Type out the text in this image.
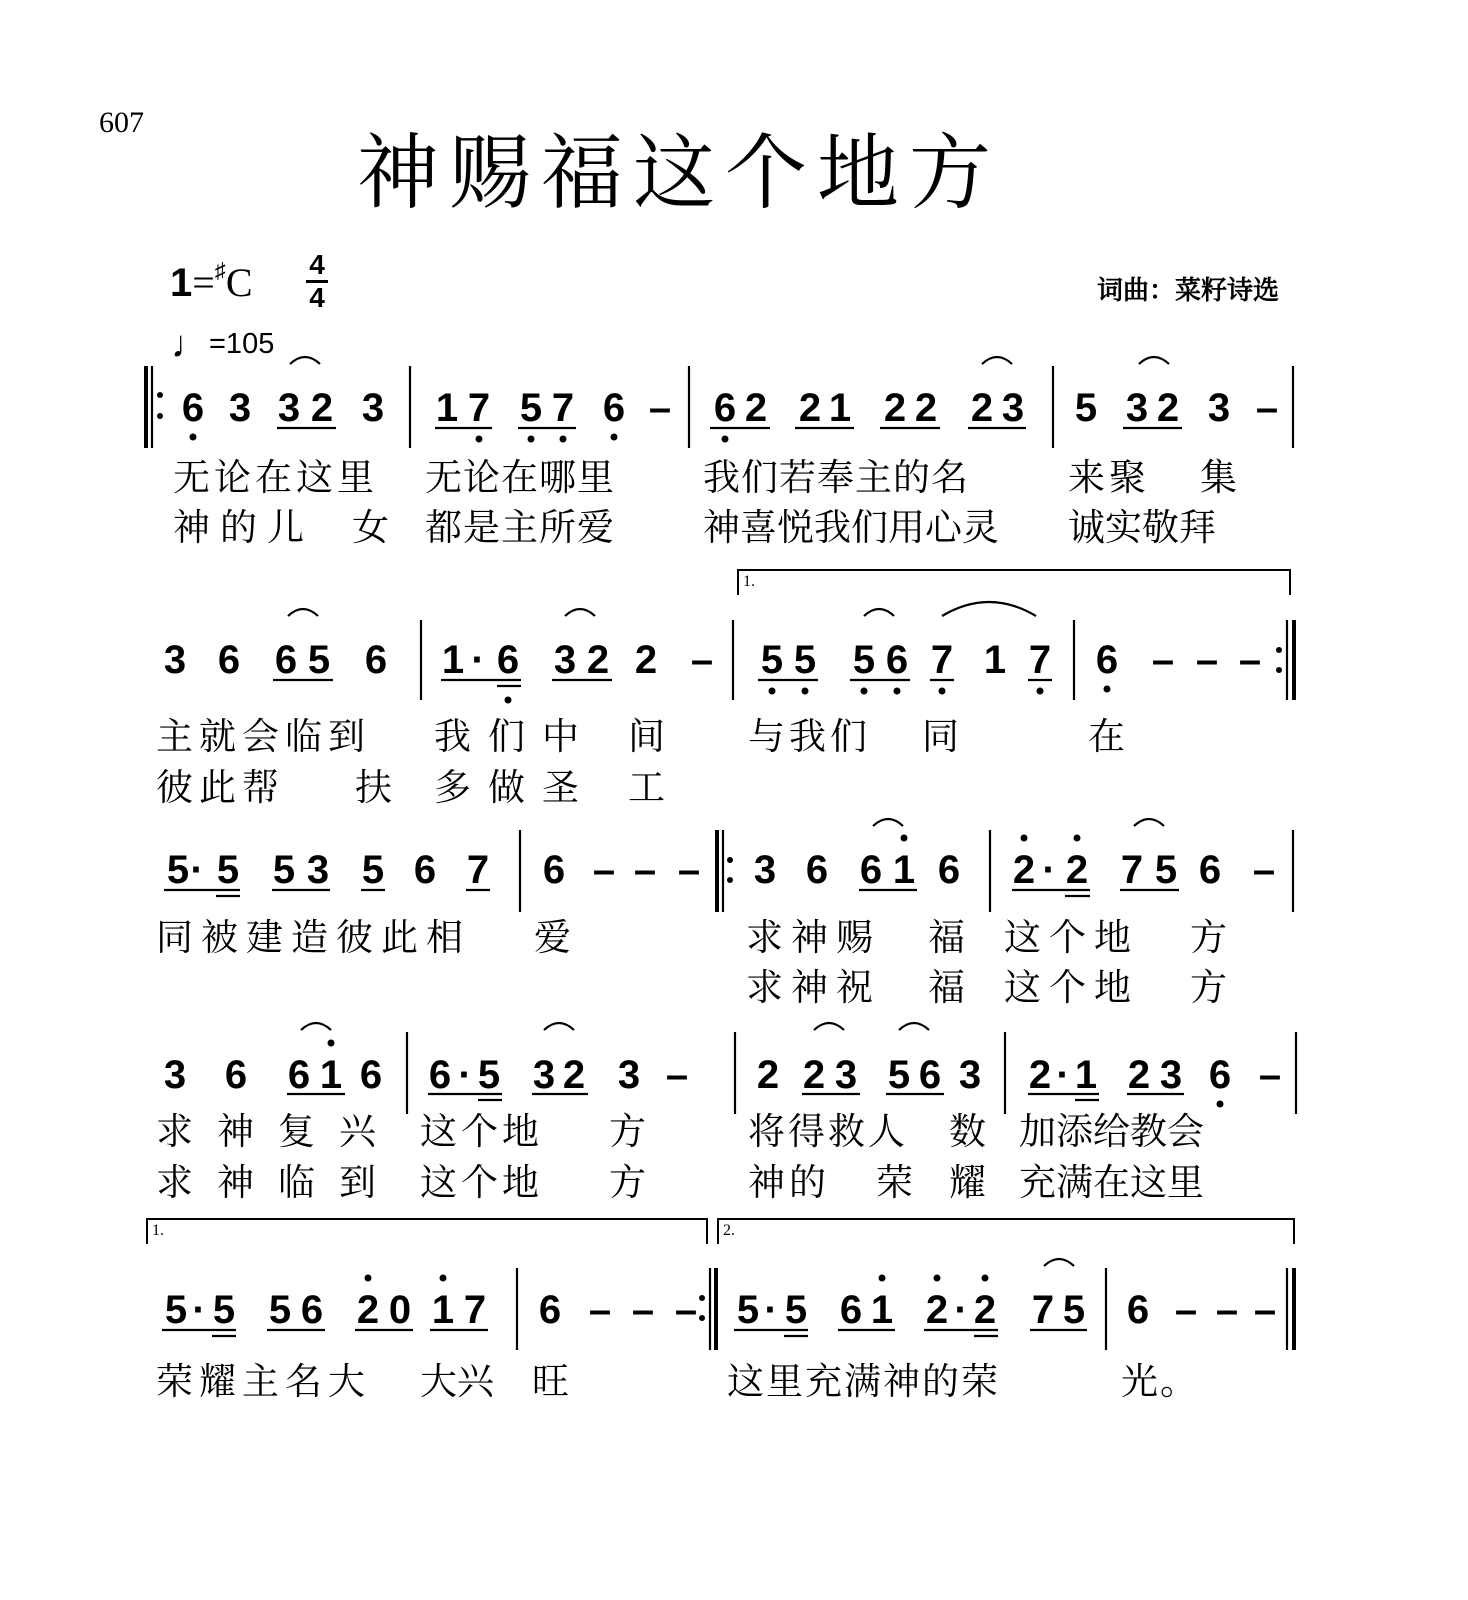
607
神赐福这个地方
1=♯C 4
4
♩=105
词曲：菜籽诗选
6 3 3 2 3 1 7 5 7 6 – 6 2 2 1 2 2 2 3 5 3 2 3 –
无论在这里 无论在哪里 我们若奉主的名	来聚 集
神的儿 女 都是主所爱 神喜悦我们用心灵 诚实敬拜
1.
3 6 6 5 6 1 · 6 3 2 2 – 5 5 5 6 7 1 7 6 – – –
主就会临到 我们中 间 与我们 同	在
彼此帮 扶 多做圣 工
5 · 5 5 3 5 6 7 6 – – – 3 6 6 1 6 2 · 2 7 5 6 –
同被建造彼此相 爱	求神赐 福 这个地 方
求神祝 福 这个地 方
3 6 6 1 6 6 · 5 3 2 3 – 2 2 3 5 6 3 2 · 1 2 3 6 –
求神复兴 这个地 方	将得救人 数 加添给教会
求神临到 这个地 方	神的 荣 耀 充满在这里
1.	2.
5 · 5 5 6 2 0 1 7 6 – – – 5 · 5 6 1 2 · 2 7 5 6 – – –
荣耀主名大 大兴 旺	这里充满神的荣	光。
